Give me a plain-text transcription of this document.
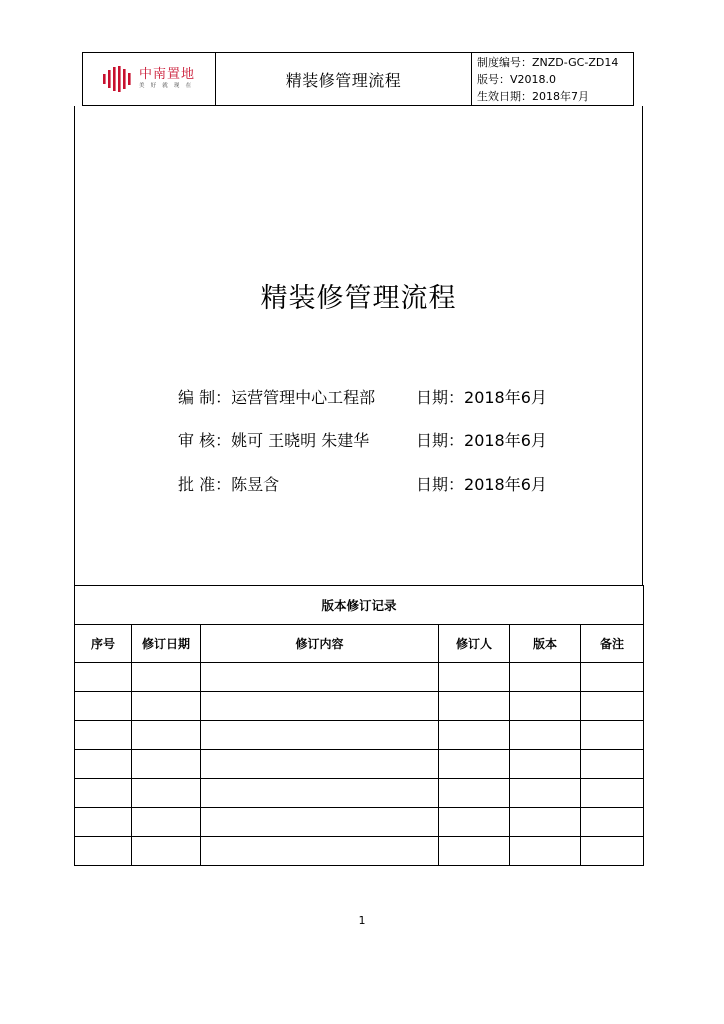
中南置地
美 好 就 现 在	精装修管理流程
制度编号： ZNZD-GC-ZD14
版号： V2018.0
生效日期： 2018年7月
精装修管理流程
编 制：运营管理中心工程部	日期：2018年6月
审 核：姚可 王晓明 朱建华	日期：2018年6月
批 准：陈昱含	日期：2018年6月
版本修订记录					
序号	修订日期	修订内容	修订人	版本	备注

1
